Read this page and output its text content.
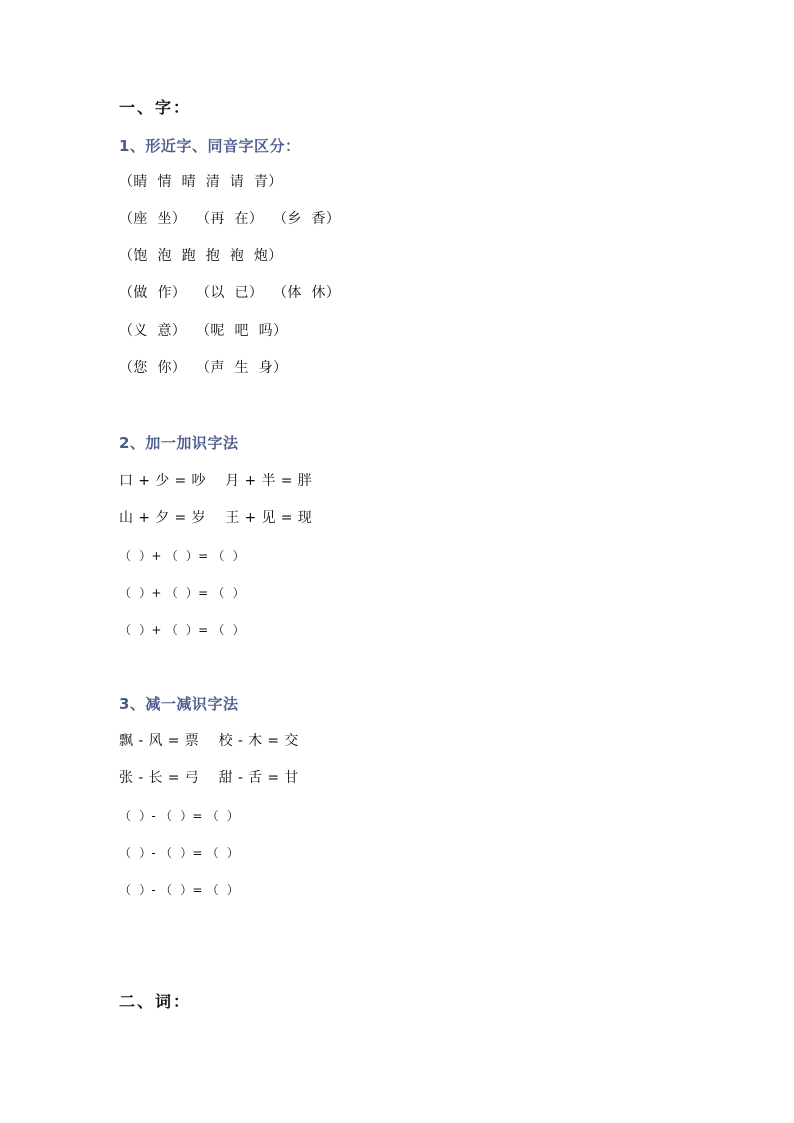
一、字：
1、形近字、同音字区分：
（睛  情  晴  清  请  青）
（座  坐）  （再  在）  （乡  香）
（饱  泡  跑  抱  袍  炮）
（做  作）  （以  已）  （体  休）
（义  意）  （呢  吧  吗）
（您  你）  （声  生  身）
2、加一加识字法
口 + 少 = 吵    月 + 半 = 胖
山 + 夕 = 岁    王 + 见 = 现
（  ）+ （  ）= （  ）
（  ）+ （  ）= （  ）
（  ）+ （  ）= （  ）
3、减一减识字法
飘 - 风 = 票    校 - 木 = 交
张 - 长 = 弓    甜 - 舌 = 甘
（  ）- （  ）= （  ）
（  ）- （  ）= （  ）
（  ）- （  ）= （  ）
二、词：
